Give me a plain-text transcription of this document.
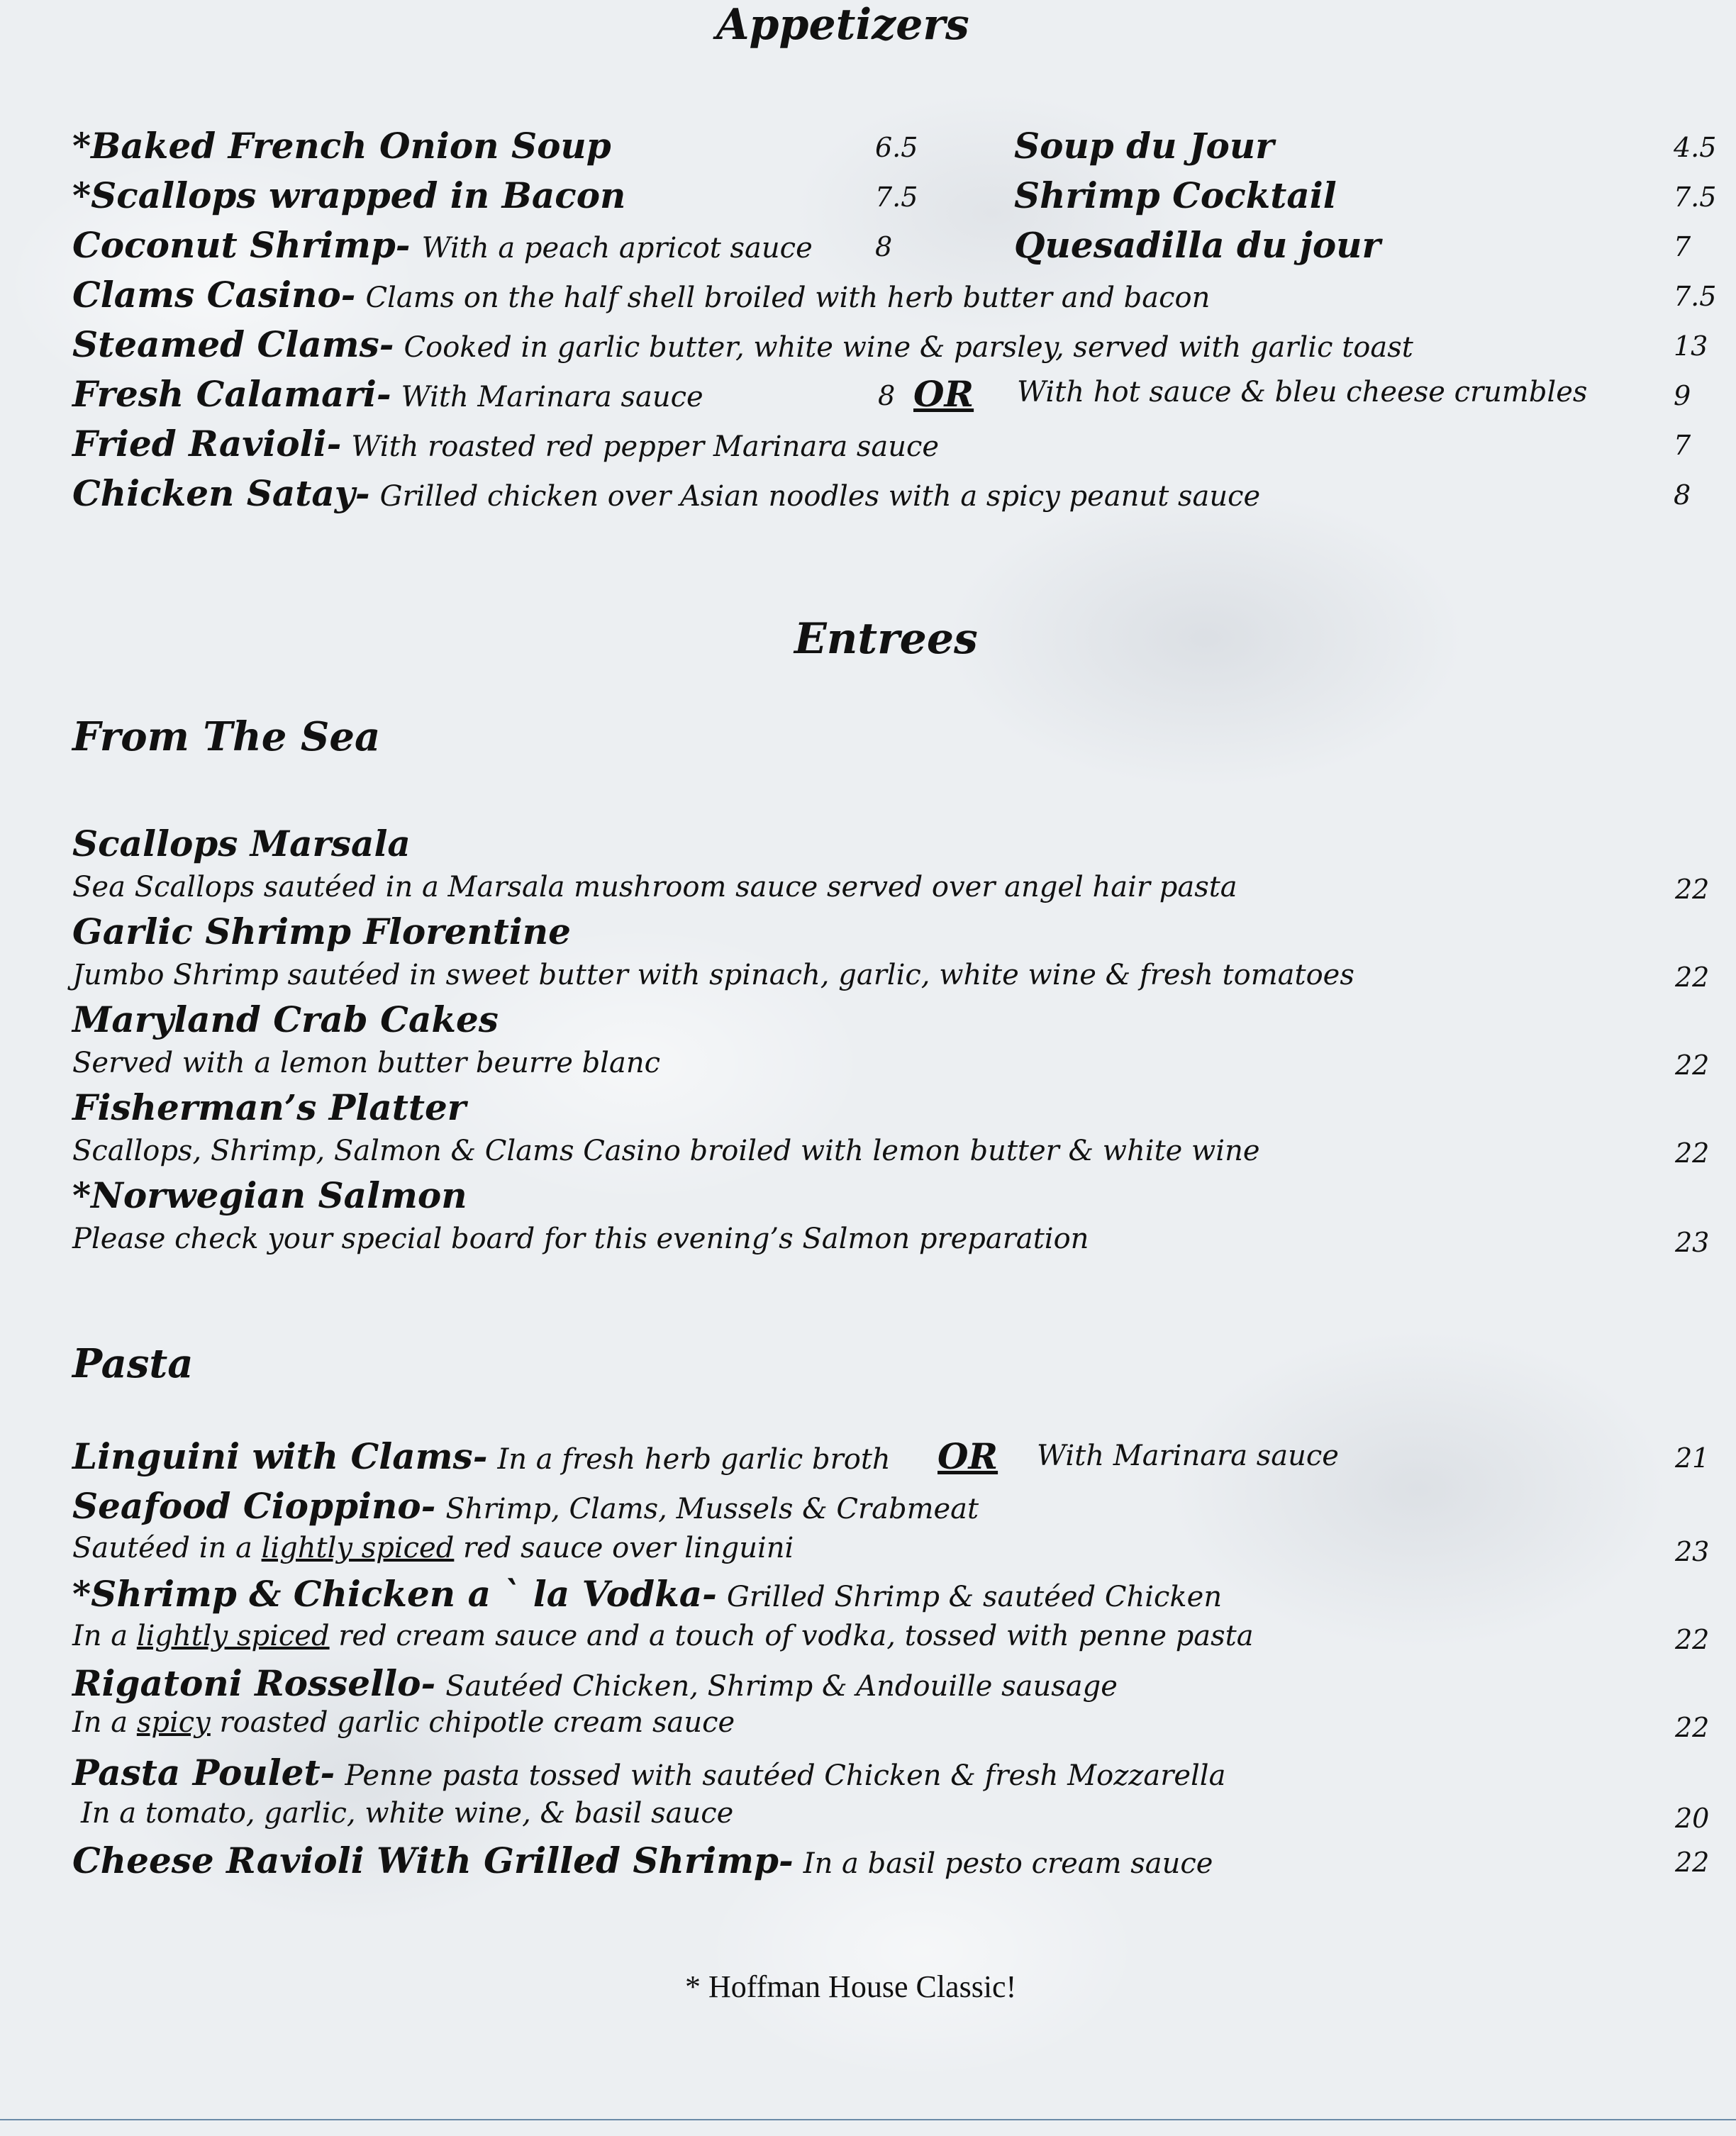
Appetizers
*Baked French Onion Soup	6.5	Soup du Jour	4.5
*Scallops wrapped in Bacon	7.5	Shrimp Cocktail	7.5
Coconut Shrimp- With a peach apricot sauce 8	Quesadilla du jour	7
Clams Casino- Clams on the half shell broiled with herb butter and bacon	7.5
Steamed Clams- Cooked in garlic butter, white wine & parsley, served with garlic toast	13
Fresh Calamari- With Marinara sauce	8 OR With hot sauce & bleu cheese crumbles	9
Fried Ravioli- With roasted red pepper Marinara sauce	7
Chicken Satay- Grilled chicken over Asian noodles with a spicy peanut sauce	8
Entrees
From The Sea
Scallops Marsala
Sea Scallops sautéed in a Marsala mushroom sauce served over angel hair pasta	22
Garlic Shrimp Florentine
Jumbo Shrimp sautéed in sweet butter with spinach, garlic, white wine & fresh tomatoes	22
Maryland Crab Cakes
Served with a lemon butter beurre blanc	22
Fisherman’s Platter
Scallops, Shrimp, Salmon & Clams Casino broiled with lemon butter & white wine	22
*Norwegian Salmon
Please check your special board for this evening’s Salmon preparation	23
Pasta
Linguini with Clams- In a fresh herb garlic broth OR With Marinara sauce	21
Seafood Cioppino- Shrimp, Clams, Mussels & Crabmeat
Sautéed in a lightly spiced red sauce over linguini	23
*Shrimp & Chicken a ` la Vodka- Grilled Shrimp & sautéed Chicken
In a lightly spiced red cream sauce and a touch of vodka, tossed with penne pasta	22
Rigatoni Rossello- Sautéed Chicken, Shrimp & Andouille sausage
In a spicy roasted garlic chipotle cream sauce	22
Pasta Poulet- Penne pasta tossed with sautéed Chicken & fresh Mozzarella
In a tomato, garlic, white wine, & basil sauce	20
Cheese Ravioli With Grilled Shrimp- In a basil pesto cream sauce	22
* Hoffman House Classic!
